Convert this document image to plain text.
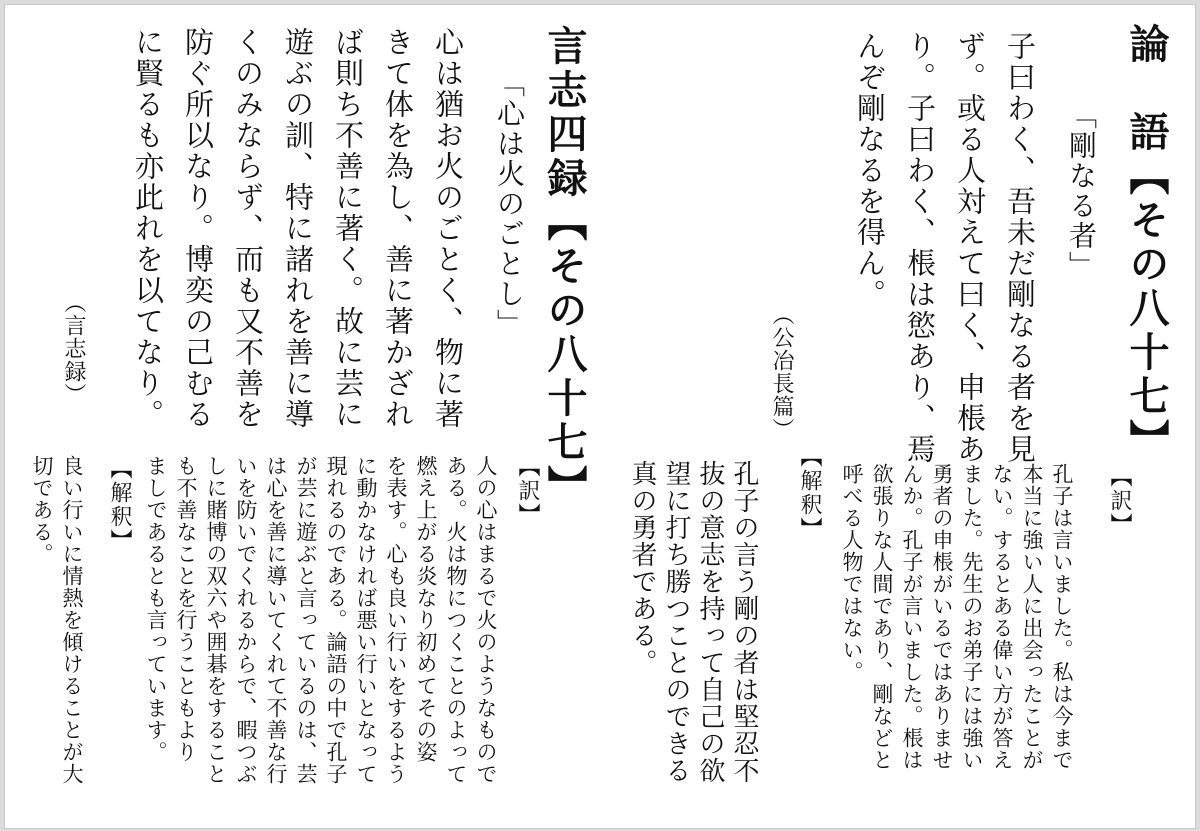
論　語【その八十七】
「剛なる者」

子曰わく、吾未だ剛なる者を見

ず。或る人対えて曰く、申棖あ

り。子曰わく、棖は慾あり、焉

んぞ剛なるを得ん。

（公冶長篇）
【訳】

孔子は言いました。私は今まで

本当に強い人に出会ったことが

ない。するとある偉い方が答え

ました。先生のお弟子には強い

勇者の申棖がいるではありませ

んか。孔子が言いました。棖は

欲張りな人間であり、剛などと

呼べる人物ではない。

【解釈】

孔子の言う剛の者は堅忍不

抜の意志を持って自己の欲

望に打ち勝つことのできる

真の勇者である。

言志四録【その八十七】
「心は火のごとし」

心は猶お火のごとく、物に著

きて体を為し、善に著かざれ

ば則ち不善に著く。故に芸に

遊ぶの訓、特に諸れを善に導

くのみならず、而も又不善を

防ぐ所以なり。博奕の己むる

に賢るも亦此れを以てなり。

（言志録）
【訳】

人の心はまるで火のようなもので

ある。火は物につくことのよって

燃え上がる炎なり初めてその姿

を表す。心も良い行いをするよう

に動かなければ悪い行いとなって

現れるのである。論語の中で孔子

が芸に遊ぶと言っているのは、芸

は心を善に導いてくれて不善な行

いを防いでくれるからで、暇つぶ

しに賭博の双六や囲碁をすること

も不善なことを行うこともより

ましであるとも言っています。

【解釈】

良い行いに情熱を傾けることが大

切である。
